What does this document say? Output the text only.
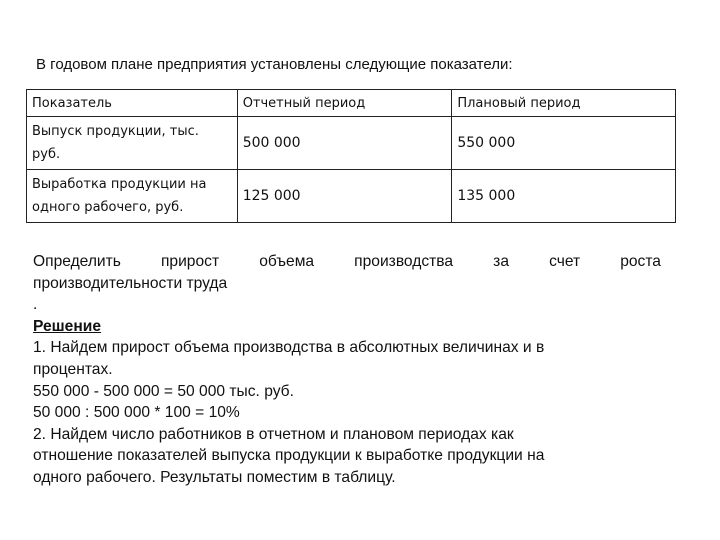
В годовом плане предприятия установлены следующие показатели:

Показатель	Отчетный период	Плановый период
Выпуск продукции, тыс.
руб.	500 000	550 000
Выработка продукции на
одного рабочего, руб.	125 000	135 000
Определить	прирост	объема	производства	за	счет	роста

производительности труда

.

Решение

1. Найдем прирост объема производства в абсолютных величинах и в

процентах.

550 000 - 500 000 = 50 000 тыс. руб.

50 000 : 500 000 * 100 = 10%

2. Найдем число работников в отчетном и плановом периодах как

отношение показателей выпуска продукции к выработке продукции на

одного рабочего. Результаты поместим в таблицу.
